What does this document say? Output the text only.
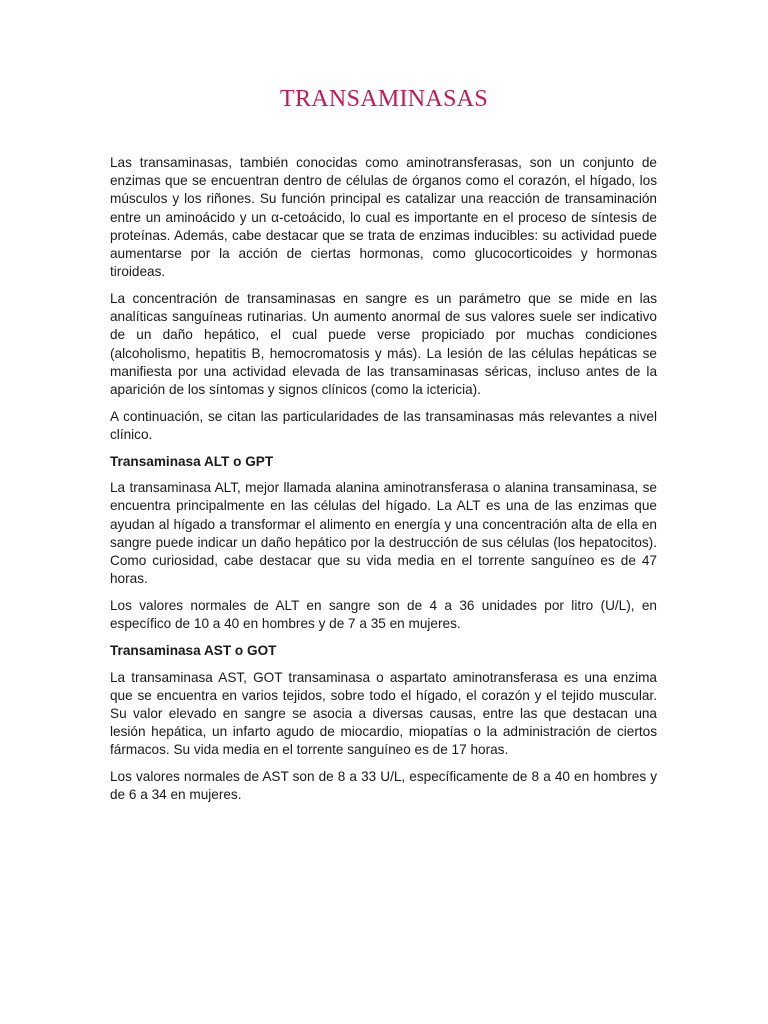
TRANSAMINASAS

Las transaminasas, también conocidas como aminotransferasas, son un conjunto de enzimas que se encuentran dentro de células de órganos como el corazón, el hígado, los músculos y los riñones. Su función principal es catalizar una reacción de transaminación entre un aminoácido y un α-cetoácido, lo cual es importante en el proceso de síntesis de proteínas. Además, cabe destacar que se trata de enzimas inducibles: su actividad puede aumentarse por la acción de ciertas hormonas, como glucocorticoides y hormonas tiroideas.

La concentración de transaminasas en sangre es un parámetro que se mide en las analíticas sanguíneas rutinarias. Un aumento anormal de sus valores suele ser indicativo de un daño hepático, el cual puede verse propiciado por muchas condiciones (alcoholismo, hepatitis B, hemocromatosis y más). La lesión de las células hepáticas se manifiesta por una actividad elevada de las transaminasas séricas, incluso antes de la aparición de los síntomas y signos clínicos (como la ictericia).

A continuación, se citan las particularidades de las transaminasas más relevantes a nivel clínico.

Transaminasa ALT o GPT

La transaminasa ALT, mejor llamada alanina aminotransferasa o alanina transaminasa, se encuentra principalmente en las células del hígado. La ALT es una de las enzimas que ayudan al hígado a transformar el alimento en energía y una concentración alta de ella en sangre puede indicar un daño hepático por la destrucción de sus células (los hepatocitos). Como curiosidad, cabe destacar que su vida media en el torrente sanguíneo es de 47 horas.

Los valores normales de ALT en sangre son de 4 a 36 unidades por litro (U/L), en específico de 10 a 40 en hombres y de 7 a 35 en mujeres.

Transaminasa AST o GOT

La transaminasa AST, GOT transaminasa o aspartato aminotransferasa es una enzima que se encuentra en varios tejidos, sobre todo el hígado, el corazón y el tejido muscular. Su valor elevado en sangre se asocia a diversas causas, entre las que destacan una lesión hepática, un infarto agudo de miocardio, miopatías o la administración de ciertos fármacos. Su vida media en el torrente sanguíneo es de 17 horas.

Los valores normales de AST son de 8 a 33 U/L, específicamente de 8 a 40 en hombres y de 6 a 34 en mujeres.
